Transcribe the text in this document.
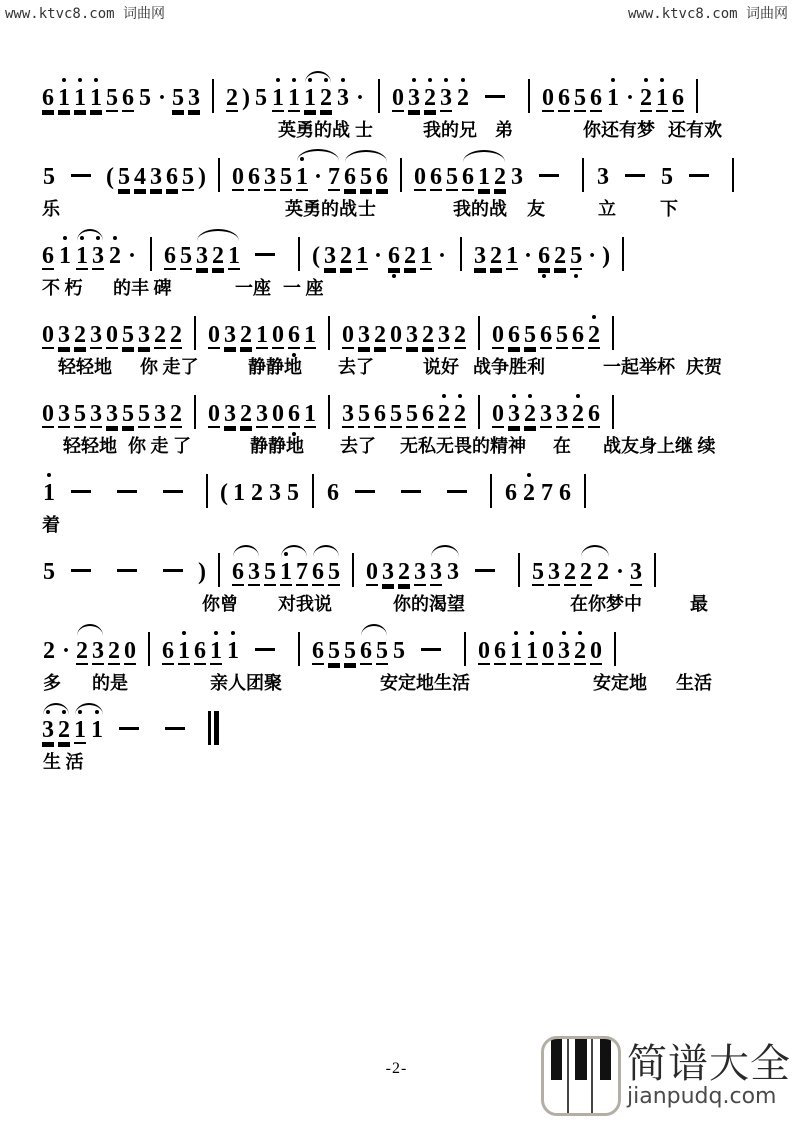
www.ktvc8.com 词曲网	www.ktvc8.com 词曲网
6 1 1 1 5 6 5 · 5 3 2 ) 5 1 1 1 2 3 · 0 3 2 3 2	0 6 5 6 1 · 2 1 6
英勇的战 士	我的兄 弟	你还有梦 还有欢
5 ( 5 4 3 6 5 ) 0 6 3 5 1 · 7 6 5 6 0 6 5 6 1 2 3	3 5
乐	英勇的战 士	我的战 友	立 下
6 1 1 3 2 · 6 5 3 2 1	( 3 2 1 · 6 2 1 · 3 2 1 · 6 2 5 · )
不 朽 的丰 碑	一座 一 座
0 3 2 3 0 5 3 2 2 0 3 2 1 0 6 1 0 3 2 0 3 2 3 2 0 6 5 6 5 6 2
轻轻地 你 走了	静静地 去了	说好 战争胜利	一起举杯 庆贺
0 3 5 3 3 5 5 3 2 0 3 2 3 0 6 1 3 5 6 5 5 6 2 2 0 3 2 3 3 2 6
轻轻地 你 走 了	静静地 去了 无私无畏的精神 在 战友身上继 续
1	( 1 2 3 5 6	6 2 7 6
着
5	) 6 3 5 1 7 6 5 0 3 2 3 3 3	5 3 2 2 2 · 3
你曾 对我说	你的渴望	在你梦中	最
2 · 2 3 2 0 6 1 6 1 1	6 5 5 6 5 5	0 6 1 1 0 3 2 0
多 的是	亲人团聚	安定地生活	安定地 生活
3 2 1 1
生 活
-2-	简谱大全
jianpudq.com
